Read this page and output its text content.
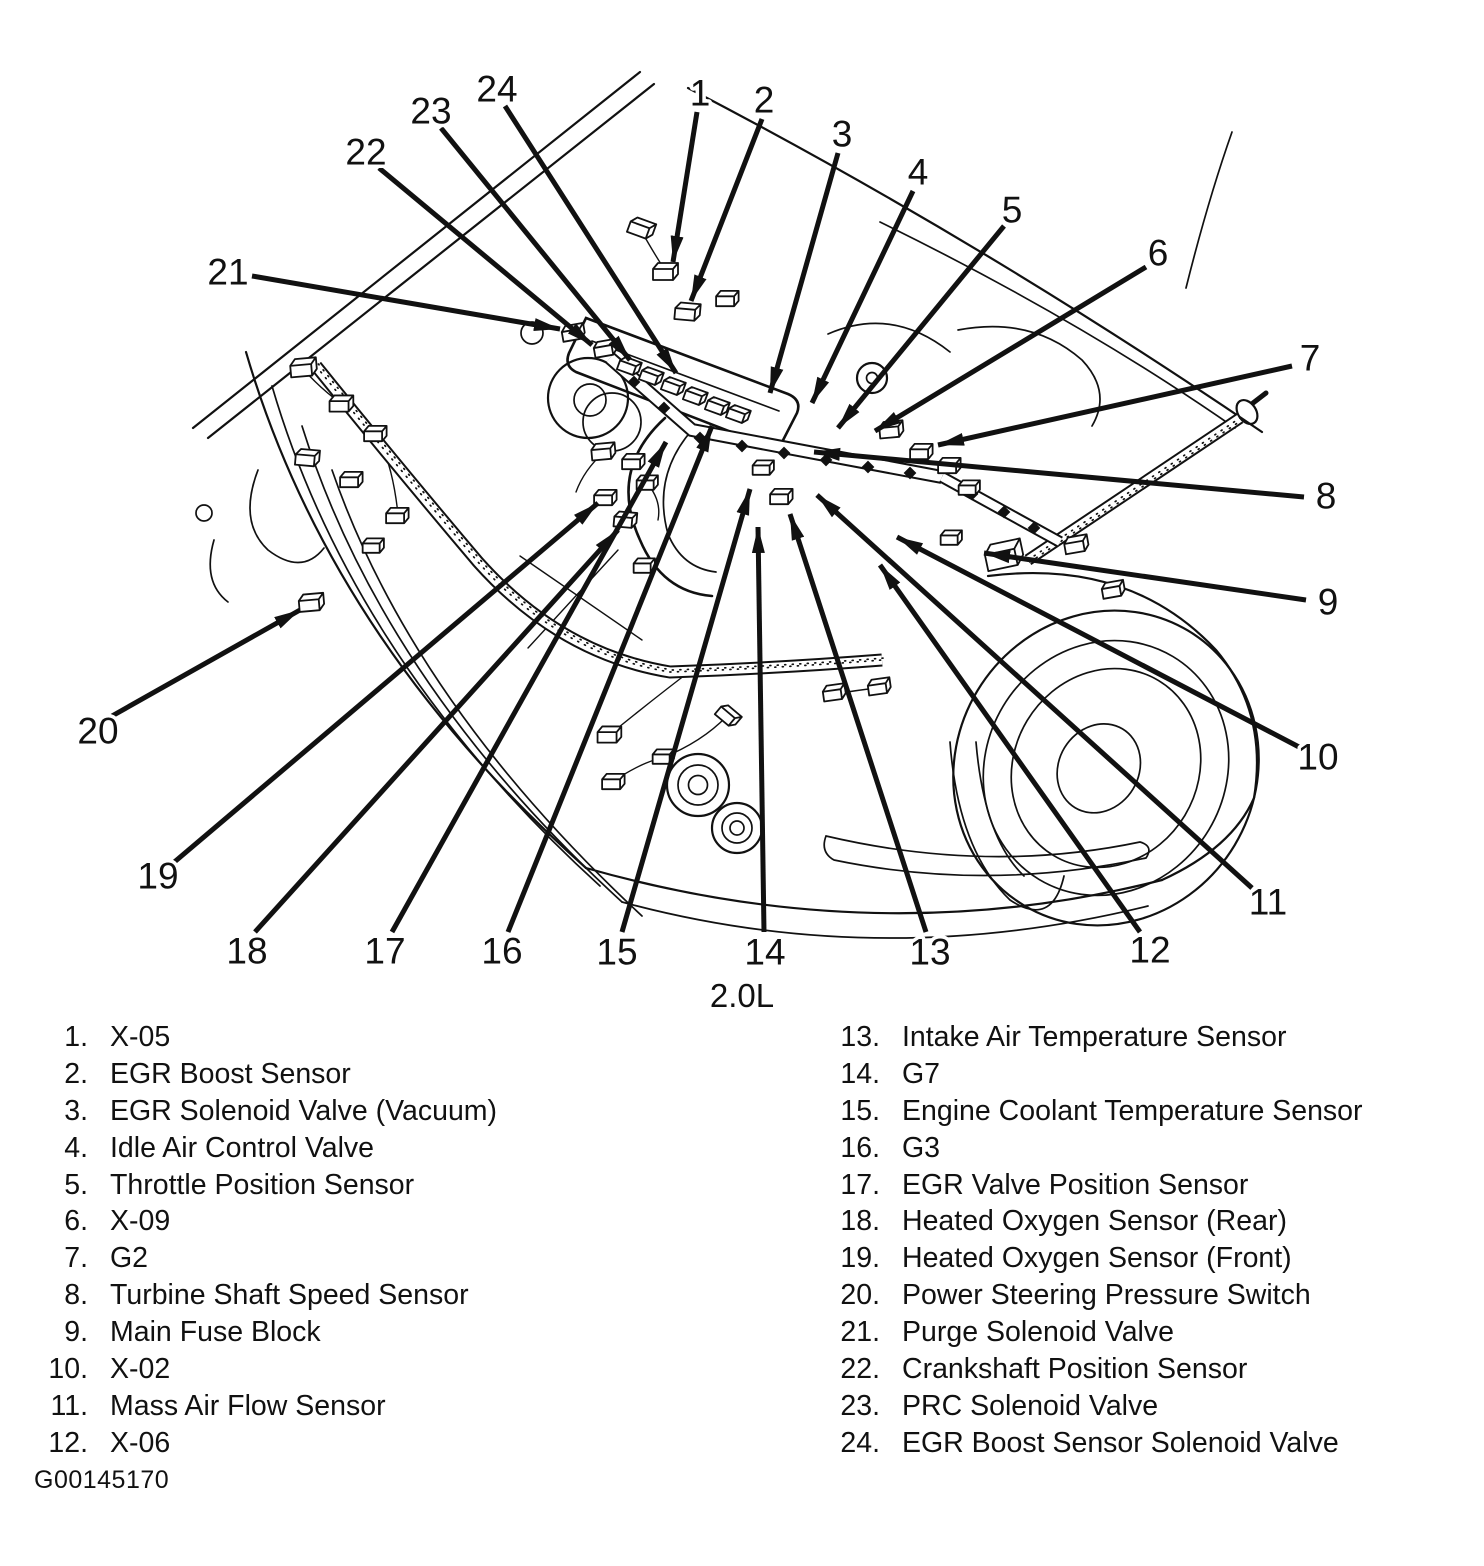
1 2
3
4
5
6
7
8
9
10
11
12
13
14
15
16
17
18
19
20
21
22
23
24
2.0L
1. X-05
2. EGR Boost Sensor
3. EGR Solenoid Valve (Vacuum)
4. Idle Air Control Valve
5. Throttle Position Sensor
6. X-09
7. G2
8. Turbine Shaft Speed Sensor
9. Main Fuse Block
10. X-02
11. Mass Air Flow Sensor
12. X-06
13. Intake Air Temperature Sensor
14. G7
15. Engine Coolant Temperature Sensor
16. G3
17. EGR Valve Position Sensor
18. Heated Oxygen Sensor (Rear)
19. Heated Oxygen Sensor (Front)
20. Power Steering Pressure Switch
21. Purge Solenoid Valve
22. Crankshaft Position Sensor
23. PRC Solenoid Valve
24. EGR Boost Sensor Solenoid Valve
G00145170
